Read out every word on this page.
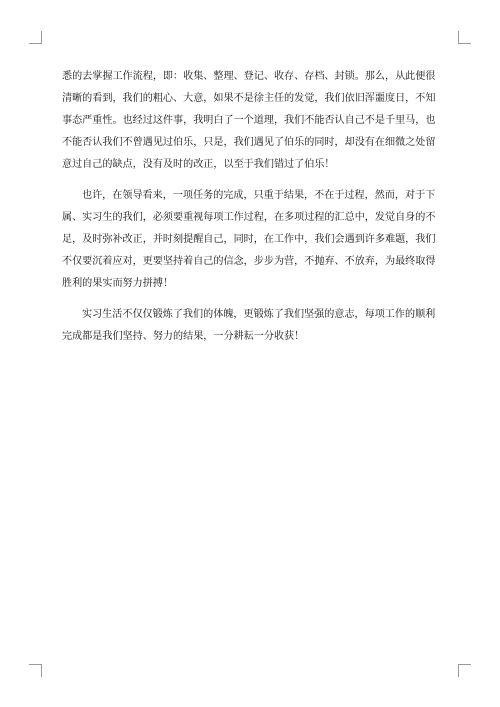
悉的去掌握工作流程，即：收集、整理、登记、收存、存档、封锁。那么，从此便很
清晰的看到，我们的粗心、大意，如果不是徐主任的发觉，我们依旧浑噩度日，不知
事态严重性。也经过这件事，我明白了一个道理，我们不能否认自己不是千里马，也
不能否认我们不曾遇见过伯乐，只是，我们遇见了伯乐的同时，却没有在细微之处留
意过自己的缺点，没有及时的改正，以至于我们错过了伯乐！
也许，在领导看来，一项任务的完成，只重于结果，不在于过程，然而，对于下
属、实习生的我们，必须要重视每项工作过程，在多项过程的汇总中，发觉自身的不
足，及时弥补改正，并时刻提醒自己，同时，在工作中，我们会遇到许多难题，我们
不仅要沉着应对，更要坚持着自己的信念，步步为营，不抛弃、不放弃，为最终取得
胜利的果实而努力拼搏！
实习生活不仅仅锻炼了我们的体魄，更锻炼了我们坚强的意志，每项工作的顺利
完成都是我们坚持、努力的结果，一分耕耘一分收获！
